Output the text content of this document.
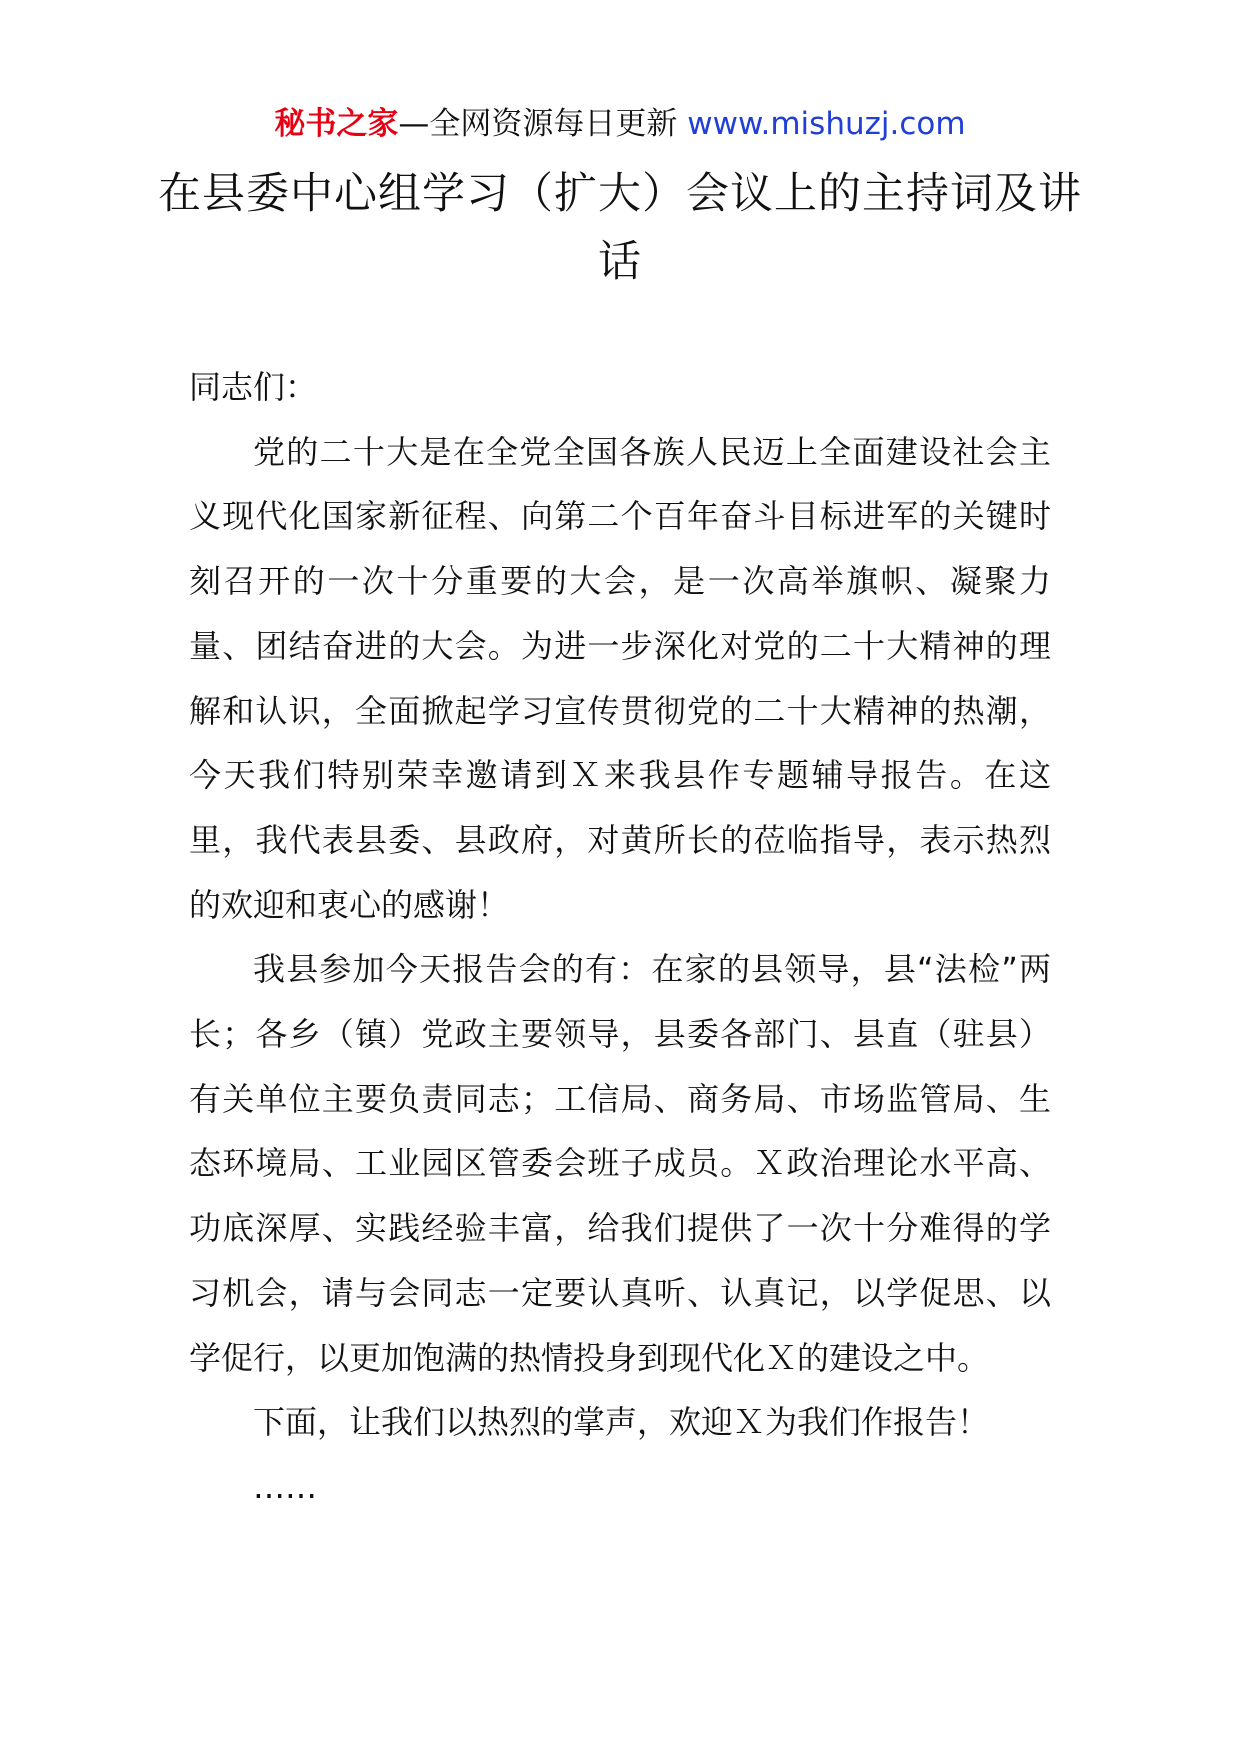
秘书之家—全网资源每日更新 www.mishuzj.com
在县委中心组学习（扩大）会议上的主持词及讲话

同志们：

党的二十大是在全党全国各族人民迈上全面建设社会主义现代化国家新征程、向第二个百年奋斗目标进军的关键时刻召开的一次十分重要的大会，是一次高举旗帜、凝聚力量、团结奋进的大会。为进一步深化对党的二十大精神的理解和认识，全面掀起学习宣传贯彻党的二十大精神的热潮，今天我们特别荣幸邀请到Ｘ来我县作专题辅导报告。在这里，我代表县委、县政府，对黄所长的莅临指导，表示热烈的欢迎和衷心的感谢！

我县参加今天报告会的有：在家的县领导，县“法检”两长；各乡（镇）党政主要领导，县委各部门、县直（驻县）有关单位主要负责同志；工信局、商务局、市场监管局、生态环境局、工业园区管委会班子成员。Ｘ政治理论水平高、功底深厚、实践经验丰富，给我们提供了一次十分难得的学习机会，请与会同志一定要认真听、认真记，以学促思、以学促行，以更加饱满的热情投身到现代化Ｘ的建设之中。

下面，让我们以热烈的掌声，欢迎Ｘ为我们作报告！

……
